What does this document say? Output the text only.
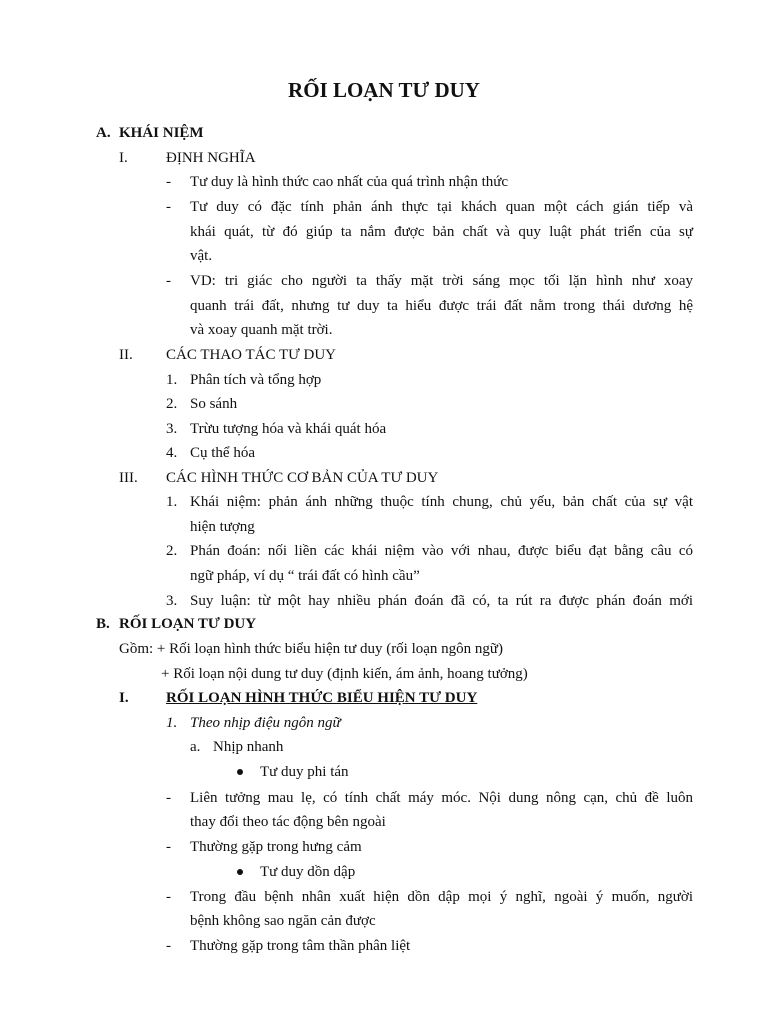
RỐI LOẠN TƯ DUY
A. KHÁI NIỆM
I.	ĐỊNH NGHĨA
- Tư duy là hình thức cao nhất của quá trình nhận thức
- Tư duy có đặc tính phản ánh thực tại khách quan một cách gián tiếp và
khái quát, từ đó giúp ta nắm được bản chất và quy luật phát triển của sự
vật.
- VD: tri giác cho người ta thấy mặt trời sáng mọc tối lặn hình như xoay
quanh trái đất, nhưng tư duy ta hiểu được trái đất nằm trong thái dương hệ
và xoay quanh mặt trời.
II. CÁC THAO TÁC TƯ DUY
1. Phân tích và tổng hợp
2. So sánh
3. Trừu tượng hóa và khái quát hóa
4. Cụ thể hóa
III. CÁC HÌNH THỨC CƠ BẢN CỦA TƯ DUY
1. Khái niệm: phản ánh những thuộc tính chung, chủ yếu, bản chất của sự vật
hiện tượng
2. Phán đoán: nối liền các khái niệm vào với nhau, được biểu đạt bằng câu có
ngữ pháp, ví dụ “ trái đất có hình cầu”
3. Suy luận: từ một hay nhiều phán đoán đã có, ta rút ra được phán đoán mới
B. RỐI LOẠN TƯ DUY
Gồm: + Rối loạn hình thức biểu hiện tư duy (rối loạn ngôn ngữ)
+ Rối loạn nội dung tư duy (định kiến, ám ảnh, hoang tưởng)
I. RỐI LOẠN HÌNH THỨC BIỂU HIỆN TƯ DUY
1. Theo nhịp điệu ngôn ngữ
a. Nhịp nhanh
Tư duy phi tán
- Liên tưởng mau lẹ, có tính chất máy móc. Nội dung nông cạn, chủ đề luôn
thay đổi theo tác động bên ngoài
- Thường gặp trong hưng cảm
Tư duy dồn dập
- Trong đầu bệnh nhân xuất hiện dồn dập mọi ý nghĩ, ngoài ý muốn, người
bệnh không sao ngăn cản được
- Thường gặp trong tâm thần phân liệt
